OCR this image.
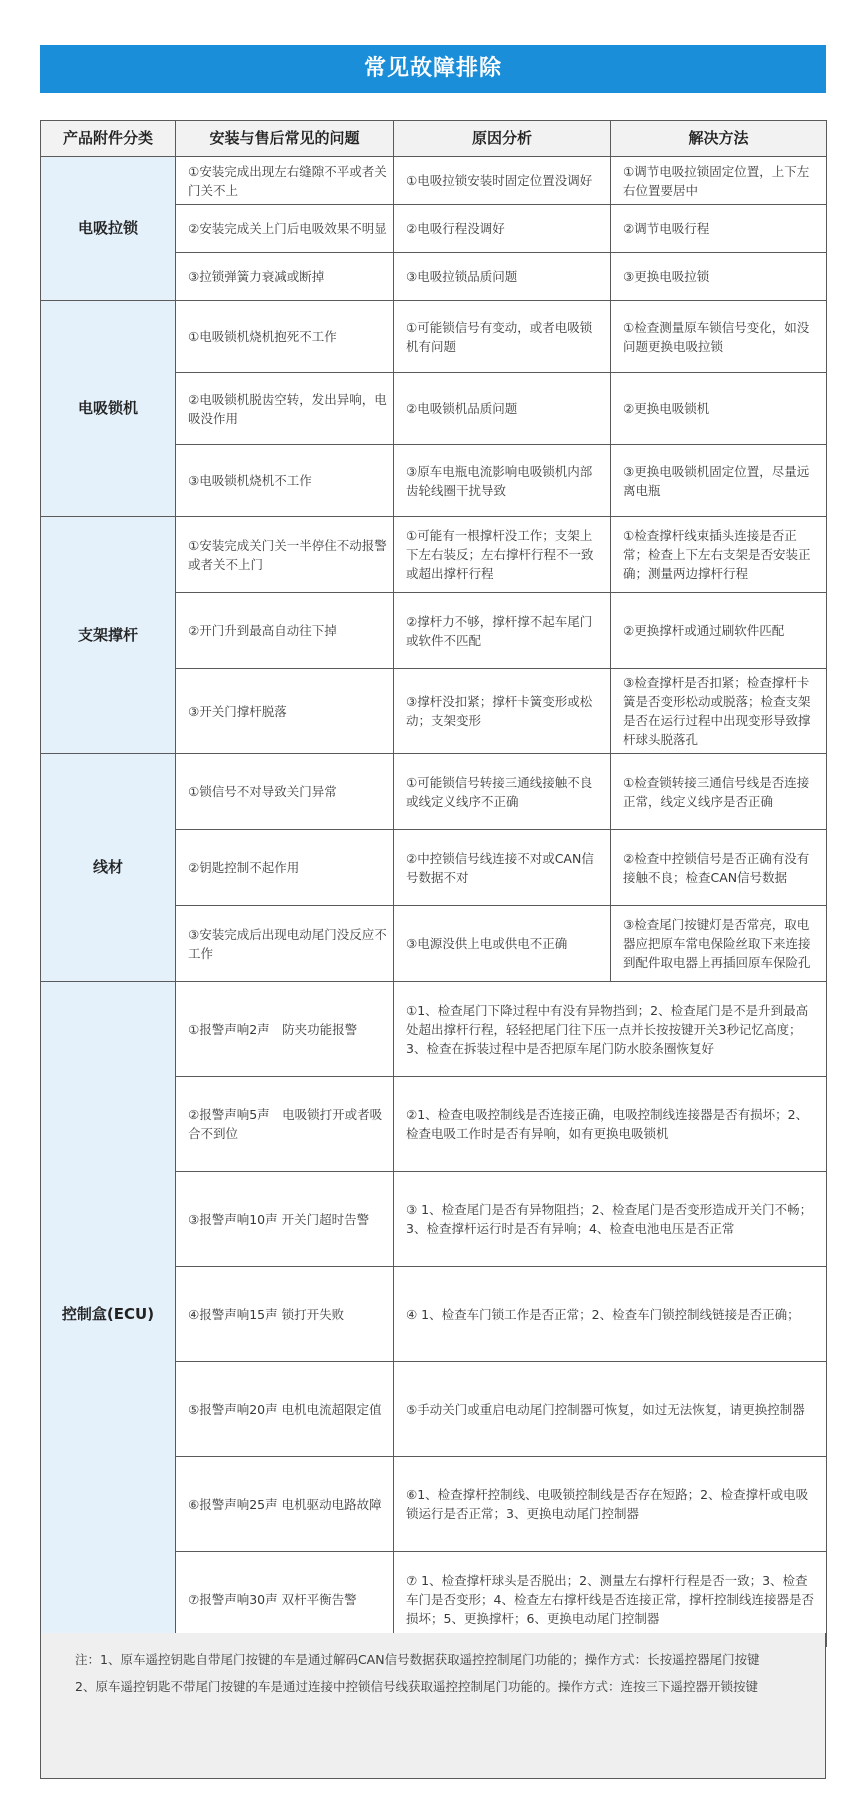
常见故障排除
产品附件分类	安装与售后常见的问题	原因分析	解决方法
电吸拉锁	①安装完成出现左右缝隙不平或者关门关不上	①电吸拉锁安装时固定位置没调好	①调节电吸拉锁固定位置，上下左右位置要居中
	②安装完成关上门后电吸效果不明显	②电吸行程没调好	②调节电吸行程
	③拉锁弹簧力衰减或断掉	③电吸拉锁品质问题	③更换电吸拉锁
电吸锁机	①电吸锁机烧机抱死不工作	①可能锁信号有变动，或者电吸锁机有问题	①检查测量原车锁信号变化，如没问题更换电吸拉锁
	②电吸锁机脱齿空转，发出异响，电吸没作用	②电吸锁机品质问题	②更换电吸锁机
	③电吸锁机烧机不工作	③原车电瓶电流影响电吸锁机内部齿轮线圈干扰导致	③更换电吸锁机固定位置，尽量远离电瓶
支架撑杆	①安装完成关门关一半停住不动报警或者关不上门	①可能有一根撑杆没工作；支架上下左右装反；左右撑杆行程不一致或超出撑杆行程	①检查撑杆线束插头连接是否正常；检查上下左右支架是否安装正确；测量两边撑杆行程
	②开门升到最高自动往下掉	②撑杆力不够，撑杆撑不起车尾门或软件不匹配	②更换撑杆或通过刷软件匹配
	③开关门撑杆脱落	③撑杆没扣紧；撑杆卡簧变形或松动；支架变形	③检查撑杆是否扣紧；检查撑杆卡簧是否变形松动或脱落；检查支架是否在运行过程中出现变形导致撑杆球头脱落孔
线材	①锁信号不对导致关门异常	①可能锁信号转接三通线接触不良或线定义线序不正确	①检查锁转接三通信号线是否连接正常，线定义线序是否正确
	②钥匙控制不起作用	②中控锁信号线连接不对或CAN信号数据不对	②检查中控锁信号是否正确有没有接触不良；检查CAN信号数据
	③安装完成后出现电动尾门没反应不工作	③电源没供上电或供电不正确	③检查尾门按键灯是否常亮，取电器应把原车常电保险丝取下来连接到配件取电器上再插回原车保险孔
控制盒(ECU)	①报警声响2声　防夹功能报警	①1、检查尾门下降过程中有没有异物挡到；2、检查尾门是不是升到最高处超出撑杆行程，轻轻把尾门往下压一点并长按按键开关3秒记忆高度；3、检查在拆装过程中是否把原车尾门防水胶条圈恢复好	
	②报警声响5声　电吸锁打开或者吸合不到位	②1、检查电吸控制线是否连接正确，电吸控制线连接器是否有损坏；2、检查电吸工作时是否有异响，如有更换电吸锁机	
	③报警声响10声 开关门超时告警	③ 1、检查尾门是否有异物阻挡；2、检查尾门是否变形造成开关门不畅；3、检查撑杆运行时是否有异响；4、检查电池电压是否正常	
	④报警声响15声 锁打开失败	④ 1、检查车门锁工作是否正常；2、检查车门锁控制线链接是否正确；	
	⑤报警声响20声 电机电流超限定值	⑤手动关门或重启电动尾门控制器可恢复，如过无法恢复，请更换控制器	
	⑥报警声响25声 电机驱动电路故障	⑥1、检查撑杆控制线、电吸锁控制线是否存在短路；2、检查撑杆或电吸锁运行是否正常；3、更换电动尾门控制器	
	⑦报警声响30声 双杆平衡告警	⑦ 1、检查撑杆球头是否脱出；2、测量左右撑杆行程是否一致；3、检查车门是否变形；4、检查左右撑杆线是否连接正常，撑杆控制线连接器是否损坏；5、更换撑杆；6、更换电动尾门控制器	

注：1、原车遥控钥匙自带尾门按键的车是通过解码CAN信号数据获取遥控控制尾门功能的；操作方式：长按遥控器尾门按键

2、原车遥控钥匙不带尾门按键的车是通过连接中控锁信号线获取遥控控制尾门功能的。操作方式：连按三下遥控器开锁按键
